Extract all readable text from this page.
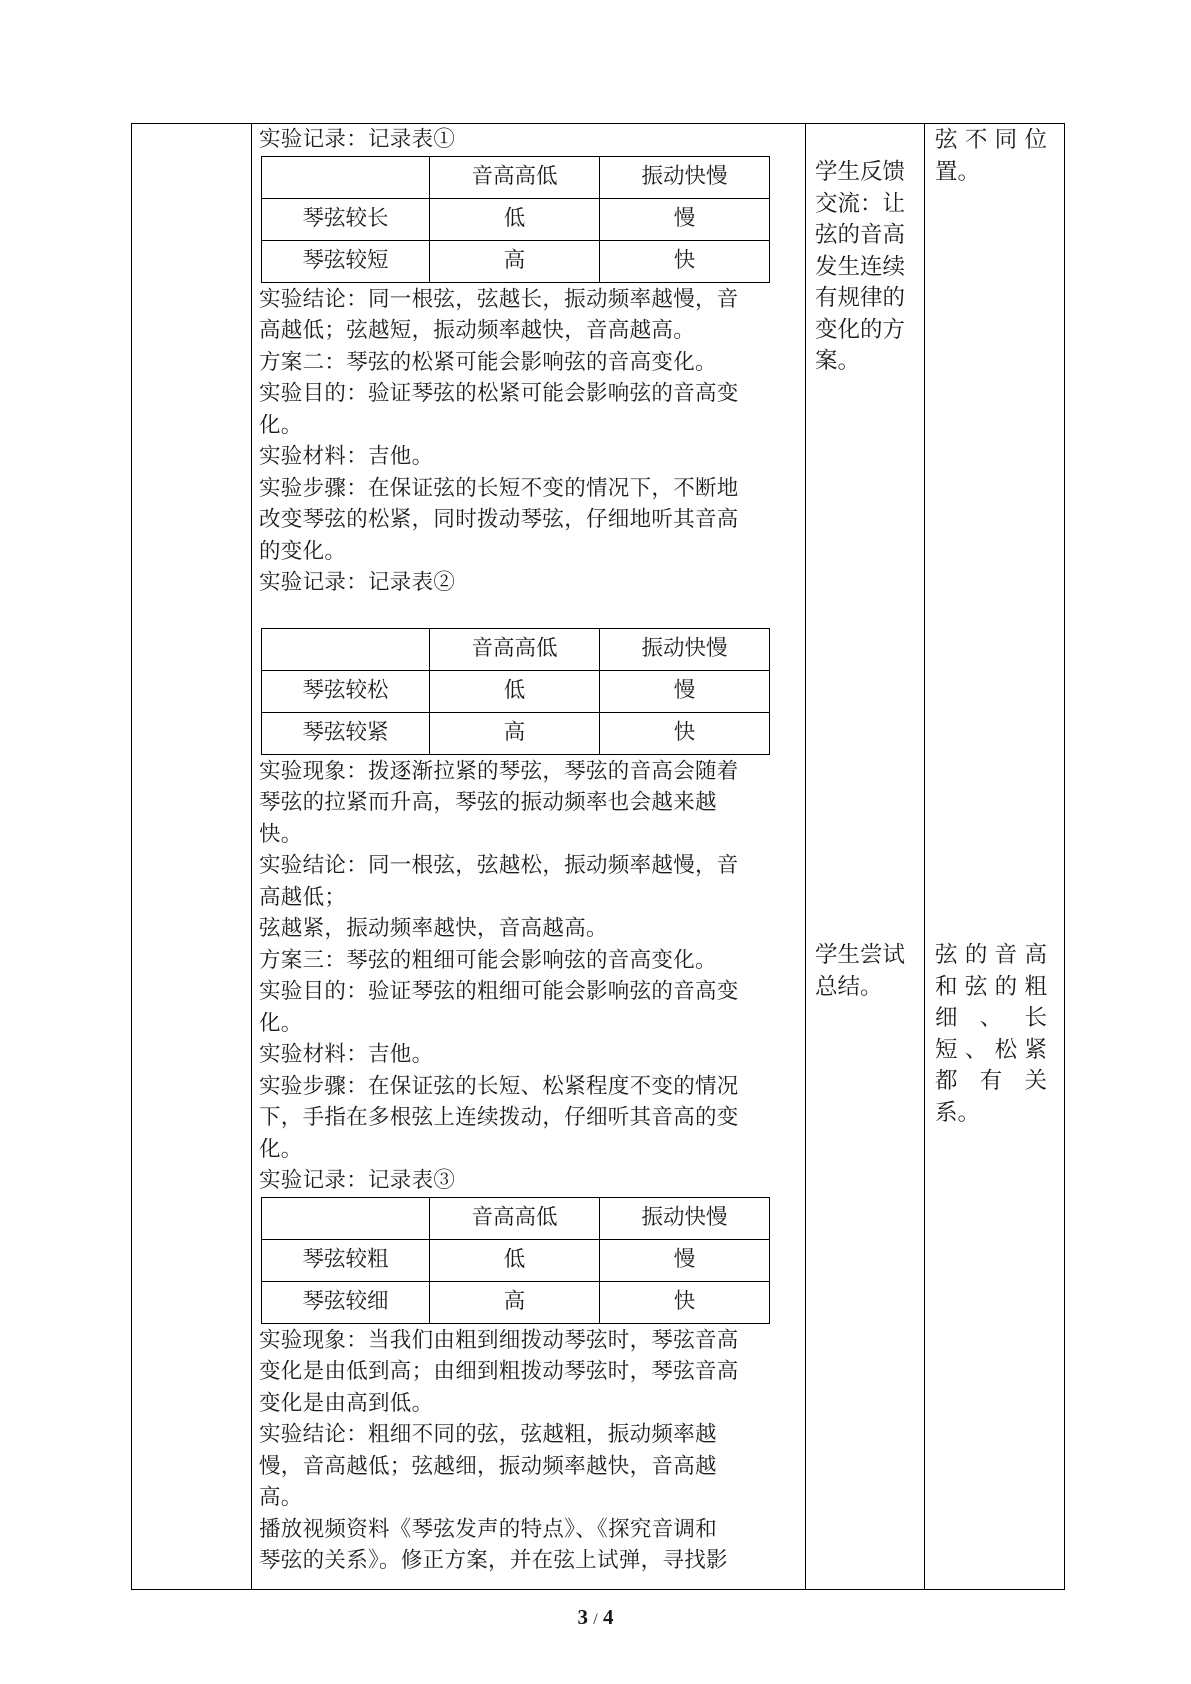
实验记录：记录表①

	音高高低	振动快慢
琴弦较长	低	慢
琴弦较短	高	快

实验结论：同一根弦，弦越长，振动频率越慢，音

高越低；弦越短，振动频率越快，音高越高。

方案二：琴弦的松紧可能会影响弦的音高变化。

实验目的：验证琴弦的松紧可能会影响弦的音高变

化。

实验材料：吉他。

实验步骤：在保证弦的长短不变的情况下，不断地

改变琴弦的松紧，同时拨动琴弦，仔细地听其音高

的变化。

实验记录：记录表②

	音高高低	振动快慢
琴弦较松	低	慢
琴弦较紧	高	快

实验现象：拨逐渐拉紧的琴弦，琴弦的音高会随着

琴弦的拉紧而升高，琴弦的振动频率也会越来越

快。

实验结论：同一根弦，弦越松，振动频率越慢，音

高越低；

弦越紧，振动频率越快，音高越高。

方案三：琴弦的粗细可能会影响弦的音高变化。

实验目的：验证琴弦的粗细可能会影响弦的音高变

化。

实验材料：吉他。

实验步骤：在保证弦的长短、松紧程度不变的情况

下，手指在多根弦上连续拨动，仔细听其音高的变

化。

实验记录：记录表③

	音高高低	振动快慢
琴弦较粗	低	慢
琴弦较细	高	快

实验现象：当我们由粗到细拨动琴弦时，琴弦音高

变化是由低到高；由细到粗拨动琴弦时，琴弦音高

变化是由高到低。

实验结论：粗细不同的弦，弦越粗，振动频率越

慢，音高越低；弦越细，振动频率越快，音高越

高。

播放视频资料《琴弦发声的特点》、《探究音调和

琴弦的关系》。修正方案，并在弦上试弹，寻找影

学生反馈
交流：让
弦的音高
发生连续
有规律的
变化的方
案。
学生尝试
总结。
弦不同位
置。
弦的音高
和弦的粗
细、长
短、松紧
都有关
系。
3 / 4
